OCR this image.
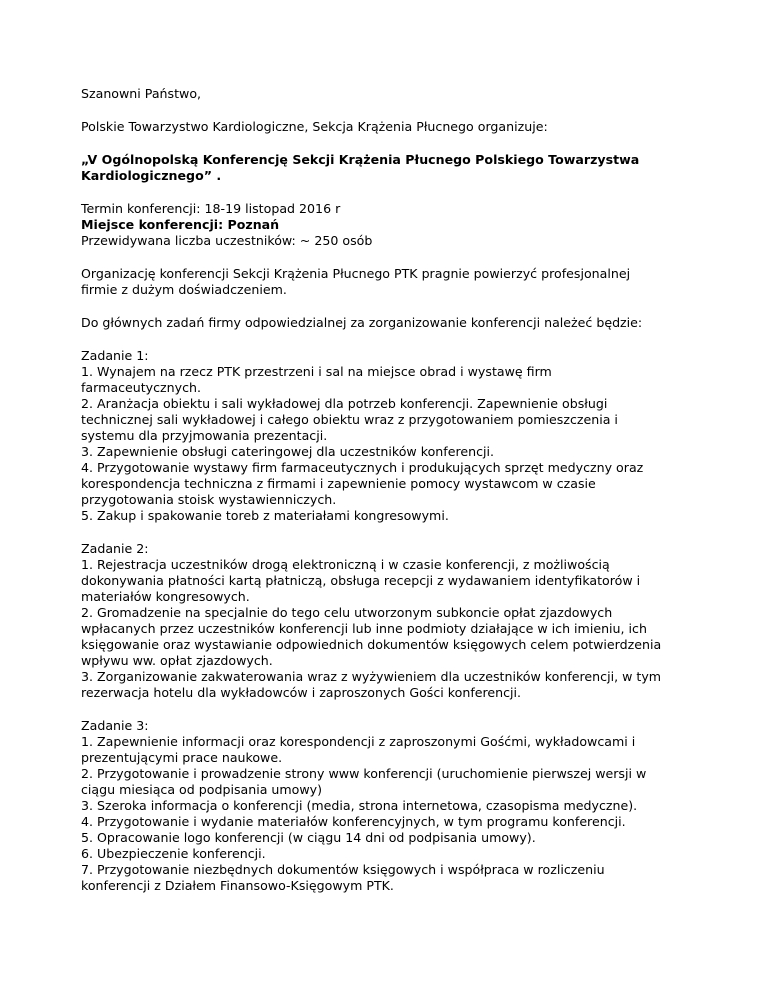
Szanowni Państwo,

Polskie Towarzystwo Kardiologiczne, Sekcja Krążenia Płucnego organizuje:

„V Ogólnopolską Konferencję Sekcji Krążenia Płucnego Polskiego Towarzystwa
Kardiologicznego” .

Termin konferencji: 18-19 listopad 2016 r
Miejsce konferencji: Poznań
Przewidywana liczba uczestników: ~ 250 osób

Organizację konferencji Sekcji Krążenia Płucnego PTK pragnie powierzyć profesjonalnej
firmie z dużym doświadczeniem.

Do głównych zadań firmy odpowiedzialnej za zorganizowanie konferencji należeć będzie:

Zadanie 1:
1. Wynajem na rzecz PTK przestrzeni i sal na miejsce obrad i wystawę firm
farmaceutycznych.
2. Aranżacja obiektu i sali wykładowej dla potrzeb konferencji. Zapewnienie obsługi
technicznej sali wykładowej i całego obiektu wraz z przygotowaniem pomieszczenia i
systemu dla przyjmowania prezentacji.
3. Zapewnienie obsługi cateringowej dla uczestników konferencji.
4. Przygotowanie wystawy firm farmaceutycznych i produkujących sprzęt medyczny oraz
korespondencja techniczna z firmami i zapewnienie pomocy wystawcom w czasie
przygotowania stoisk wystawienniczych.
5. Zakup i spakowanie toreb z materiałami kongresowymi.
Zadanie 2:
1. Rejestracja uczestników drogą elektroniczną i w czasie konferencji, z możliwością
dokonywania płatności kartą płatniczą, obsługa recepcji z wydawaniem identyfikatorów i
materiałów kongresowych.
2. Gromadzenie na specjalnie do tego celu utworzonym subkoncie opłat zjazdowych
wpłacanych przez uczestników konferencji lub inne podmioty działające w ich imieniu, ich
księgowanie oraz wystawianie odpowiednich dokumentów księgowych celem potwierdzenia
wpływu ww. opłat zjazdowych.
3. Zorganizowanie zakwaterowania wraz z wyżywieniem dla uczestników konferencji, w tym
rezerwacja hotelu dla wykładowców i zaproszonych Gości konferencji.
Zadanie 3:
1. Zapewnienie informacji oraz korespondencji z zaproszonymi Gośćmi, wykładowcami i
prezentującymi prace naukowe.
2. Przygotowanie i prowadzenie strony www konferencji (uruchomienie pierwszej wersji w
ciągu miesiąca od podpisania umowy)
3. Szeroka informacja o konferencji (media, strona internetowa, czasopisma medyczne).
4. Przygotowanie i wydanie materiałów konferencyjnych, w tym programu konferencji.
5. Opracowanie logo konferencji (w ciągu 14 dni od podpisania umowy).
6. Ubezpieczenie konferencji.
7. Przygotowanie niezbędnych dokumentów księgowych i współpraca w rozliczeniu
konferencji z Działem Finansowo-Księgowym PTK.
